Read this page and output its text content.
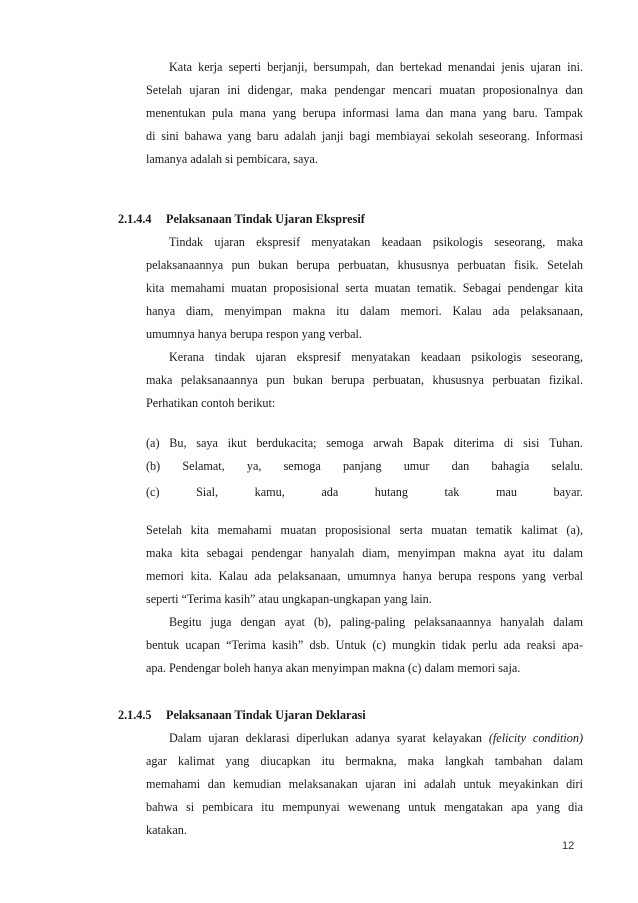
Kata kerja seperti berjanji, bersumpah, dan bertekad menandai jenis ujaran ini.
Setelah ujaran ini didengar, maka pendengar mencari muatan proposionalnya dan
menentukan pula mana yang berupa informasi lama dan mana yang baru. Tampak
di sini bahawa yang baru adalah janji bagi membiayai sekolah seseorang. Informasi
lamanya adalah si pembicara, saya.
2.1.4.4 Pelaksanaan Tindak Ujaran Ekspresif
Tindak ujaran ekspresif menyatakan keadaan psikologis seseorang, maka
pelaksanaannya pun bukan berupa perbuatan, khususnya perbuatan fisik. Setelah
kita memahami muatan proposisional serta muatan tematik. Sebagai pendengar kita
hanya diam, menyimpan makna itu dalam memori. Kalau ada pelaksanaan,
umumnya hanya berupa respon yang verbal.
Kerana tindak ujaran ekspresif menyatakan keadaan psikologis seseorang,
maka pelaksanaannya pun bukan berupa perbuatan, khususnya perbuatan fizikal.
Perhatikan contoh berikut:
(a) Bu, saya ikut berdukacita; semoga arwah Bapak diterima di sisi Tuhan.
(b) Selamat, ya, semoga panjang umur dan bahagia selalu.
(c)	Sial,	kamu,	ada	hutang	tak	mau	bayar.
Setelah kita memahami muatan proposisional serta muatan tematik kalimat (a),
maka kita sebagai pendengar hanyalah diam, menyimpan makna ayat itu dalam
memori kita. Kalau ada pelaksanaan, umumnya hanya berupa respons yang verbal
seperti “Terima kasih” atau ungkapan-ungkapan yang lain.
Begitu juga dengan ayat (b), paling-paling pelaksanaannya hanyalah dalam
bentuk ucapan “Terima kasih” dsb. Untuk (c) mungkin tidak perlu ada reaksi apa-
apa. Pendengar boleh hanya akan menyimpan makna (c) dalam memori saja.
2.1.4.5 Pelaksanaan Tindak Ujaran Deklarasi
Dalam ujaran deklarasi diperlukan adanya syarat kelayakan (felicity condition)
agar kalimat yang diucapkan itu bermakna, maka langkah tambahan dalam
memahami dan kemudian melaksanakan ujaran ini adalah untuk meyakinkan diri
bahwa si pembicara itu mempunyai wewenang untuk mengatakan apa yang dia
katakan.
12
